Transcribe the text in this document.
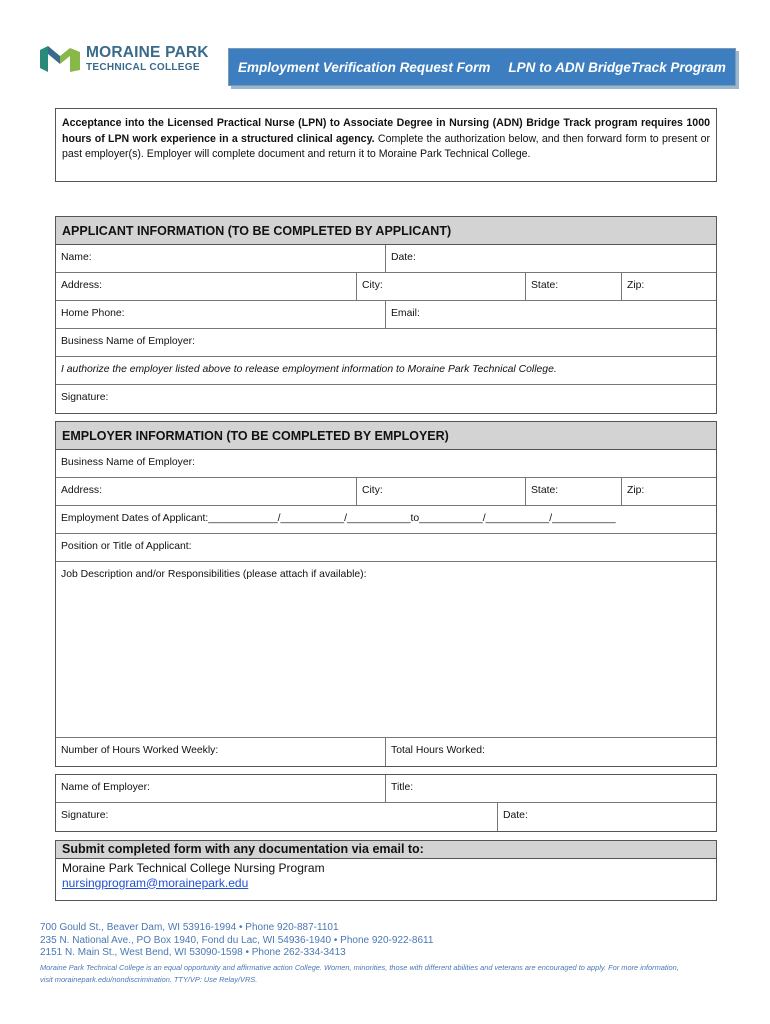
MORAINE PARK
TECHNICAL COLLEGE	Employment Verification Request Form LPN to ADN BridgeTrack Program
Acceptance into the Licensed Practical Nurse (LPN) to Associate Degree in Nursing (ADN) Bridge Track program requires 1000 hours of LPN work experience in a structured clinical agency. Complete the authorization below, and then forward form to present or past employer(s). Employer will complete document and return it to Moraine Park Technical College.
APPLICANT INFORMATION (TO BE COMPLETED BY APPLICANT)
Name:	Date:
Address:	City:	State:	Zip:
Home Phone:	Email:
Business Name of Employer:
I authorize the employer listed above to release employment information to Moraine Park Technical College.
Signature:
EMPLOYER INFORMATION (TO BE COMPLETED BY EMPLOYER)
Business Name of Employer:
Address:	City:	State:	Zip:
Employment Dates of Applicant:____________/___________/___________to___________/___________/___________
Position or Title of Applicant:
Job Description and/or Responsibilities (please attach if available):
Number of Hours Worked Weekly:	Total Hours Worked:
Name of Employer:	Title:
Signature:	Date:
Submit completed form with any documentation via email to:
Moraine Park Technical College Nursing Program
nursingprogram@morainepark.edu
700 Gould St., Beaver Dam, WI 53916-1994 • Phone 920-887-1101
235 N. National Ave., PO Box 1940, Fond du Lac, WI 54936-1940 • Phone 920-922-8611
2151 N. Main St., West Bend, WI 53090-1598 • Phone 262-334-3413
Moraine Park Technical College is an equal opportunity and affirmative action College. Women, minorities, those with different abilities and veterans are encouraged to apply. For more information,
visit morainepark.edu/nondiscrimination. TTY/VP: Use Relay/VRS.
